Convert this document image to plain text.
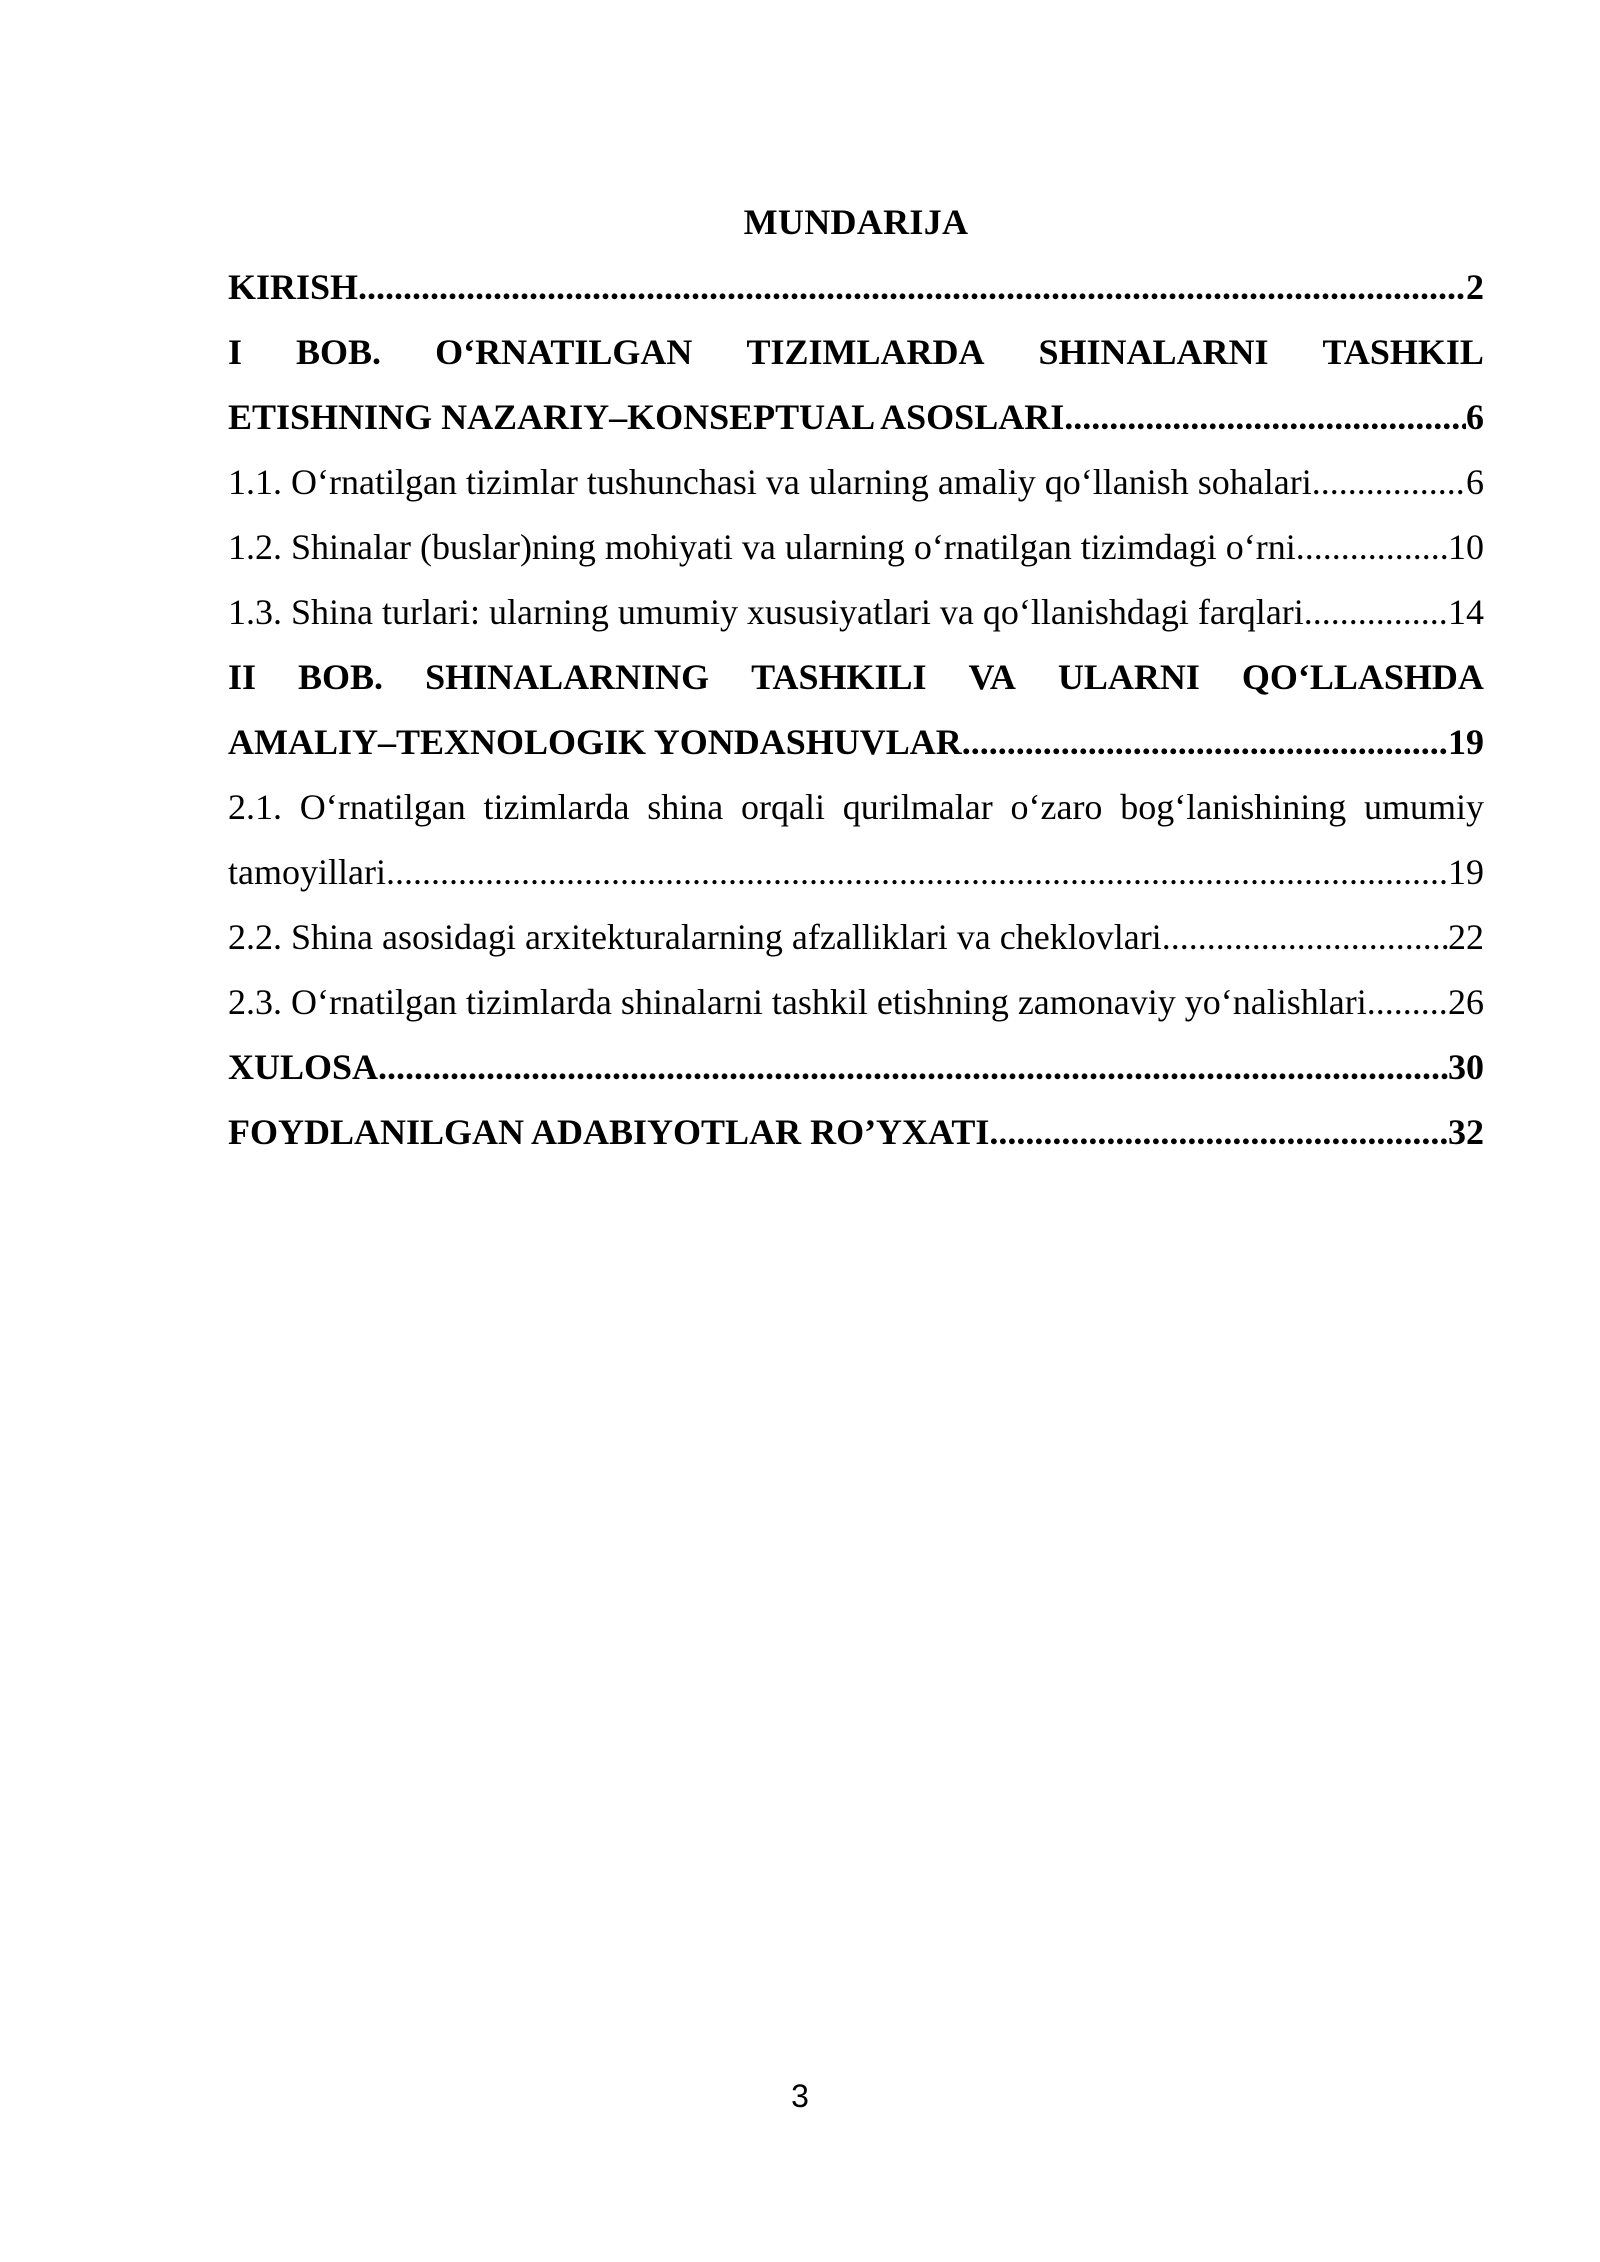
MUNDARIJA
KIRISH .....	2
I BOB. O‘RNATILGAN TIZIMLARDA SHINALARNI TASHKIL
ETISHNING NAZARIY–KONSEPTUAL ASOSLARI .....	6
1.1. O‘rnatilgan tizimlar tushunchasi va ularning amaliy qo‘llanish sohalari .....	6
1.2. Shinalar (buslar)ning mohiyati va ularning o‘rnatilgan tizimdagi o‘rni .....	10
1.3. Shina turlari: ularning umumiy xususiyatlari va qo‘llanishdagi farqlari .....	14
II BOB. SHINALARNING TASHKILI VA ULARNI QO‘LLASHDA
AMALIY–TEXNOLOGIK YONDASHUVLAR .....	19
2.1. O‘rnatilgan tizimlarda shina orqali qurilmalar o‘zaro bog‘lanishining umumiy
tamoyillari .....	19
2.2. Shina asosidagi arxitekturalarning afzalliklari va cheklovlari .....	22
2.3. O‘rnatilgan tizimlarda shinalarni tashkil etishning zamonaviy yo‘nalishlari ..... 26
XULOSA .....	30
FOYDLANILGAN ADABIYOTLAR RO’YXATI .....	32
3
